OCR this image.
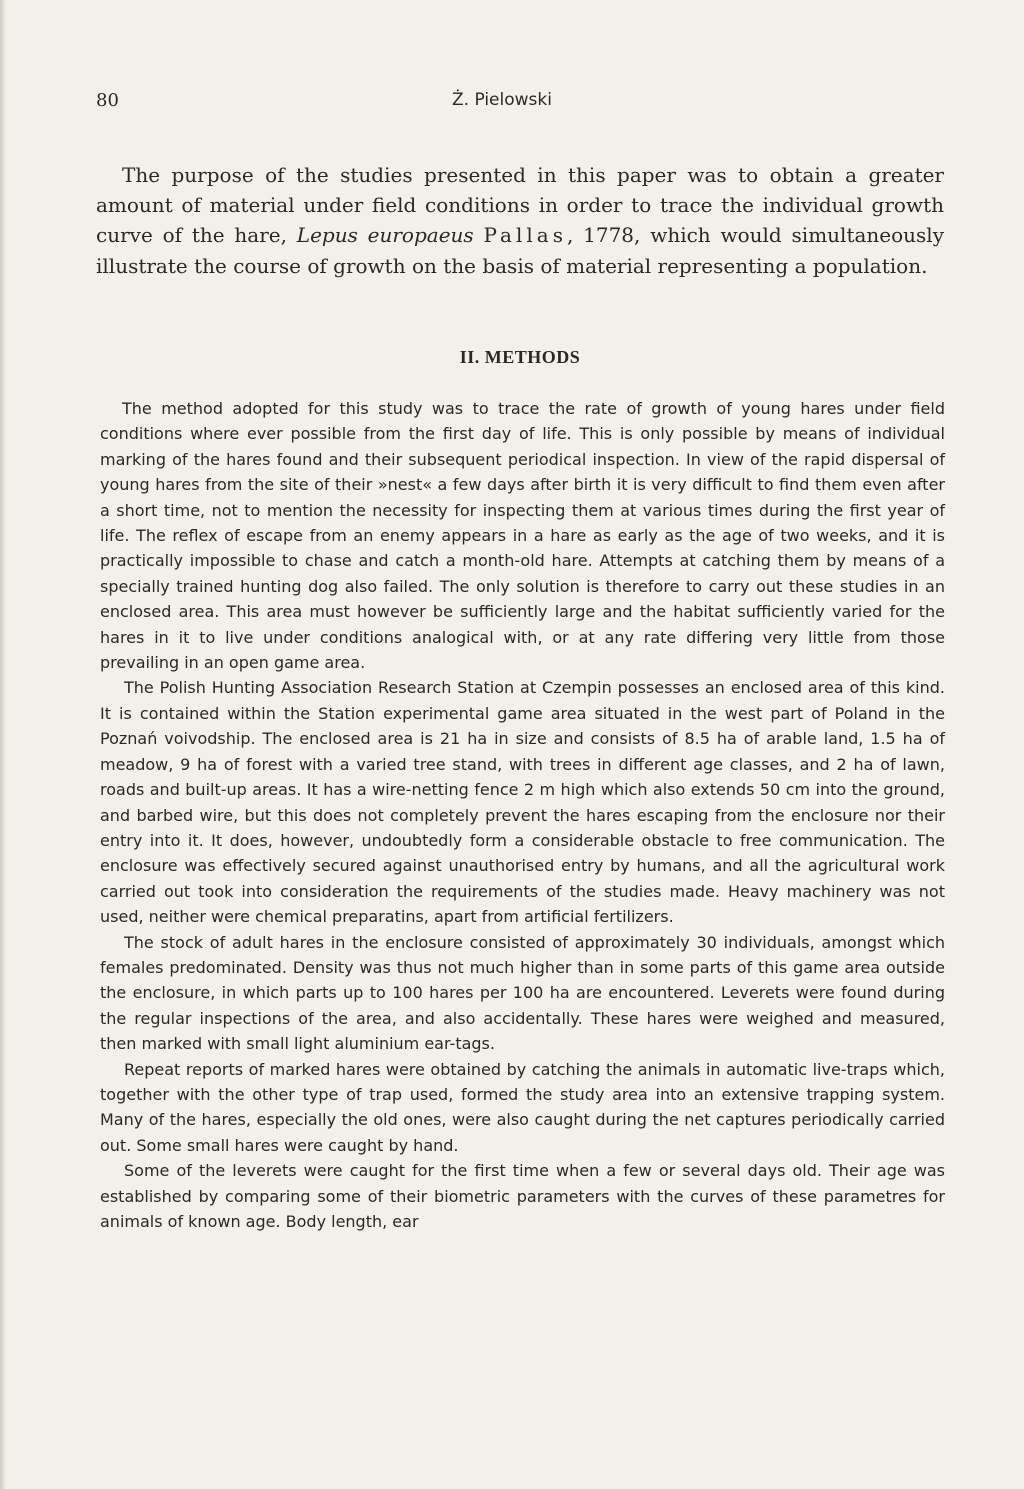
80	Ż. Pielowski

The purpose of the studies presented in this paper was to obtain a greater amount of material under field conditions in order to trace the individual growth curve of the hare, Lepus europaeus Pallas, 1778, which would simultaneously illustrate the course of growth on the basis of material representing a population.

II. METHODS

The method adopted for this study was to trace the rate of growth of young hares under field conditions where ever possible from the first day of life. This is only possible by means of individual marking of the hares found and their subsequent periodical inspection. In view of the rapid dispersal of young hares from the site of their »nest« a few days after birth it is very difficult to find them even after a short time, not to mention the necessity for inspecting them at various times during the first year of life. The reflex of escape from an enemy appears in a hare as early as the age of two weeks, and it is practically impossible to chase and catch a month-old hare. Attempts at catching them by means of a specially trained hunting dog also failed. The only solution is therefore to carry out these studies in an enclosed area. This area must however be sufficiently large and the habitat sufficiently varied for the hares in it to live under conditions analogical with, or at any rate differing very little from those prevailing in an open game area.

The Polish Hunting Association Research Station at Czempin possesses an enclosed area of this kind. It is contained within the Station experimental game area situated in the west part of Poland in the Poznań voivodship. The enclosed area is 21 ha in size and consists of 8.5 ha of arable land, 1.5 ha of meadow, 9 ha of forest with a varied tree stand, with trees in different age classes, and 2 ha of lawn, roads and built-up areas. It has a wire-netting fence 2 m high which also extends 50 cm into the ground, and barbed wire, but this does not completely prevent the hares escaping from the enclosure nor their entry into it. It does, however, undoubtedly form a considerable obstacle to free communication. The enclosure was effectively secured against unauthorised entry by humans, and all the agricultural work carried out took into consideration the requirements of the studies made. Heavy machinery was not used, neither were chemical preparatins, apart from artificial fertilizers.

The stock of adult hares in the enclosure consisted of approximately 30 individuals, amongst which females predominated. Density was thus not much higher than in some parts of this game area outside the enclosure, in which parts up to 100 hares per 100 ha are encountered. Leverets were found during the regular inspections of the area, and also accidentally. These hares were weighed and measured, then marked with small light aluminium ear-tags.

Repeat reports of marked hares were obtained by catching the animals in automatic live-traps which, together with the other type of trap used, formed the study area into an extensive trapping system. Many of the hares, especially the old ones, were also caught during the net captures periodically carried out. Some small hares were caught by hand.

Some of the leverets were caught for the first time when a few or several days old. Their age was established by comparing some of their biometric parameters with the curves of these parametres for animals of known age. Body length, ear
